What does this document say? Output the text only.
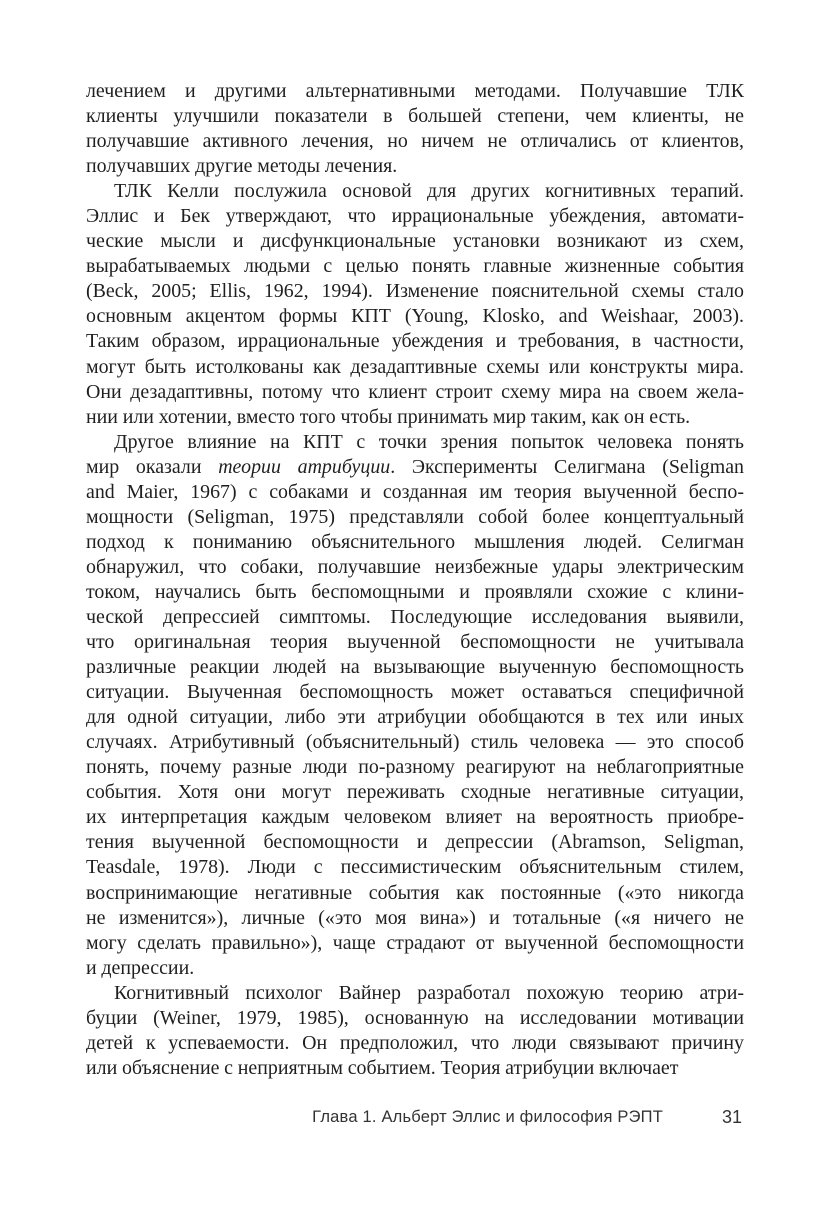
лечением и другими альтернативными методами. Получавшие ТЛК
клиенты улучшили показатели в большей степени, чем клиенты, не
получавшие активного лечения, но ничем не отличались от клиентов,
получавших другие методы лечения.

ТЛК Келли послужила основой для других когнитивных терапий.
Эллис и Бек утверждают, что иррациональные убеждения, автомати-
ческие мысли и дисфункциональные установки возникают из схем,
вырабатываемых людьми с целью понять главные жизненные события
(Beck, 2005; Ellis, 1962, 1994). Изменение пояснительной схемы стало
основным акцентом формы КПТ (Young, Klosko, and Weishaar, 2003).
Таким образом, иррациональные убеждения и требования, в частности,
могут быть истолкованы как дезадаптивные схемы или конструкты мира.
Они дезадаптивны, потому что клиент строит схему мира на своем жела-
нии или хотении, вместо того чтобы принимать мир таким, как он есть.

Другое влияние на КПТ с точки зрения попыток человека понять
мир оказали теории атрибуции. Эксперименты Селигмана (Seligman
and Maier, 1967) с собаками и созданная им теория выученной беспо-
мощности (Seligman, 1975) представляли собой более концептуальный
подход к пониманию объяснительного мышления людей. Селигман
обнаружил, что собаки, получавшие неизбежные удары электрическим
током, научались быть беспомощными и проявляли схожие с клини-
ческой депрессией симптомы. Последующие исследования выявили,
что оригинальная теория выученной беспомощности не учитывала
различные реакции людей на вызывающие выученную беспомощность
ситуации. Выученная беспомощность может оставаться специфичной
для одной ситуации, либо эти атрибуции обобщаются в тех или иных
случаях. Атрибутивный (объяснительный) стиль человека — это способ
понять, почему разные люди по-разному реагируют на неблагоприятные
события. Хотя они могут переживать сходные негативные ситуации,
их интерпретация каждым человеком влияет на вероятность приобре-
тения выученной беспомощности и депрессии (Abramson, Seligman,
Teasdale, 1978). Люди с пессимистическим объяснительным стилем,
воспринимающие негативные события как постоянные («это никогда
не изменится»), личные («это моя вина») и тотальные («я ничего не
могу сделать правильно»), чаще страдают от выученной беспомощности
и депрессии.

Когнитивный психолог Вайнер разработал похожую теорию атри-
буции (Weiner, 1979, 1985), основанную на исследовании мотивации
детей к успеваемости. Он предположил, что люди связывают причину
или объяснение с неприятным событием. Теория атрибуции включает

Глава 1. Альберт Эллис и философия РЭПТ	31
